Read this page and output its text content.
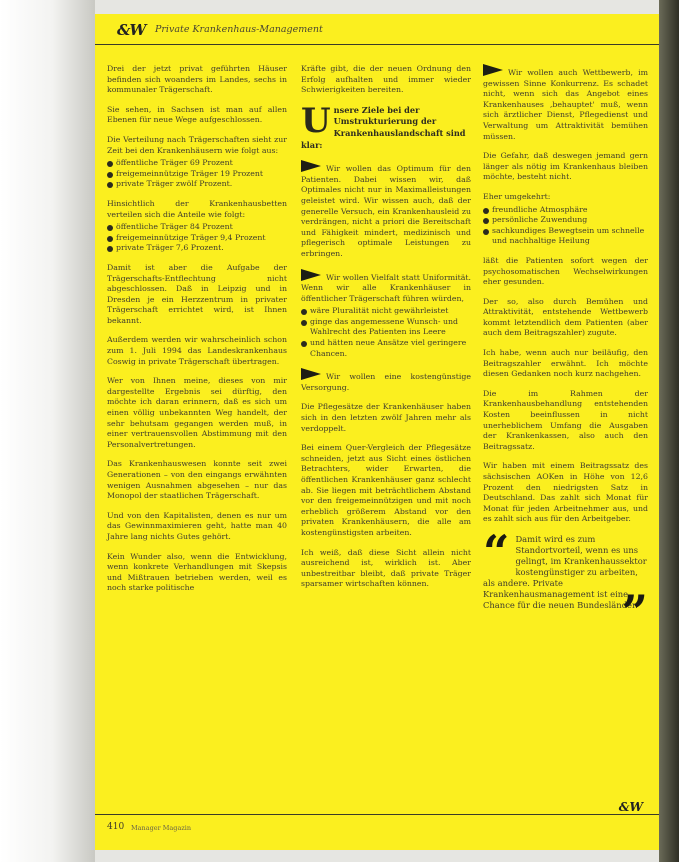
&W Private Krankenhaus-Management

Drei der jetzt privat geführten Häuser befinden sich woanders im Landes, sechs in kommunaler Trägerschaft.

Sie sehen, in Sachsen ist man auf allen Ebenen für neue Wege aufgeschlossen.

Die Verteilung nach Trägerschaften sieht zur Zeit bei den Krankenhäusern wie folgt aus:

öffentliche Träger 69 Prozent
freigemeinnützige Träger 19 Prozent
private Träger zwölf Prozent.

Hinsichtlich der Krankenhausbetten verteilen sich die Anteile wie folgt:

öffentliche Träger 84 Prozent
freigemeinnützige Träger 9,4 Prozent
private Träger 7,6 Prozent.

Damit ist aber die Aufgabe der Trägerschafts-Entflechtung nicht abgeschlossen. Daß in Leipzig und in Dresden je ein Herzzentrum in privater Trägerschaft errichtet wird, ist Ihnen bekannt.

Außerdem werden wir wahrscheinlich schon zum 1. Juli 1994 das Landeskrankenhaus Coswig in private Trägerschaft übertragen.

Wer von Ihnen meine, dieses von mir dargestellte Ergebnis sei dürftig, den möchte ich daran erinnern, daß es sich um einen völlig unbekannten Weg handelt, der sehr behutsam gegangen werden muß, in einer vertrauensvollen Abstimmung mit den Personalvertretungen.

Das Krankenhauswesen konnte seit zwei Generationen – von den eingangs erwähnten wenigen Ausnahmen abgesehen – nur das Monopol der staatlichen Trägerschaft.

Und von den Kapitalisten, denen es nur um das Gewinnmaximieren geht, hatte man 40 Jahre lang nichts Gutes gehört.

Kein Wunder also, wenn die Entwicklung, wenn konkrete Verhandlungen mit Skepsis und Mißtrauen betrieben werden, weil es noch starke politische

Kräfte gibt, die der neuen Ordnung den Erfolg aufhalten und immer wieder Schwierigkeiten bereiten.

U nsere Ziele bei der Umstrukturierung der Krankenhauslandschaft sind klar:

Wir wollen das Optimum für den Patienten. Dabei wissen wir, daß Optimales nicht nur in Maximalleistungen geleistet wird. Wir wissen auch, daß der generelle Versuch, ein Krankenhausleid zu verdrängen, nicht a priori die Bereitschaft und Fähigkeit mindert, medizinisch und pflegerisch optimale Leistungen zu erbringen.

Wir wollen Vielfalt statt Uniformität. Wenn wir alle Krankenhäuser in öffentlicher Trägerschaft führen würden,

wäre Pluralität nicht gewährleistet
ginge das angemessene Wunsch- und Wahlrecht des Patienten ins Leere
und hätten neue Ansätze viel geringere Chancen.

Wir wollen eine kostengünstige Versorgung.

Die Pflegesätze der Krankenhäuser haben sich in den letzten zwölf Jahren mehr als verdoppelt.

Bei einem Quer-Vergleich der Pflegesätze schneiden, jetzt aus Sicht eines östlichen Betrachters, wider Erwarten, die öffentlichen Krankenhäuser ganz schlecht ab. Sie liegen mit beträchtlichem Abstand vor den freigemeinnützigen und mit noch erheblich größerem Abstand vor den privaten Krankenhäusern, die alle am kostengünstigsten arbeiten.

Ich weiß, daß diese Sicht allein nicht ausreichend ist, wirklich ist. Aber unbestreitbar bleibt, daß private Träger sparsamer wirtschaften können.

Wir wollen auch Wettbewerb, im gewissen Sinne Konkurrenz. Es schadet nicht, wenn sich das Angebot eines Krankenhauses ‚behauptet' muß, wenn sich ärztlicher Dienst, Pflegedienst und Verwaltung um Attraktivität bemühen müssen.

Die Gefahr, daß deswegen jemand gern länger als nötig im Krankenhaus bleiben möchte, besteht nicht.

Eher umgekehrt:

freundliche Atmosphäre
persönliche Zuwendung
sachkundiges Bewegtsein um schnelle und nachhaltige Heilung

läßt die Patienten sofort wegen der psychosomatischen Wechselwirkungen eher gesunden.

Der so, also durch Bemühen und Attraktivität, entstehende Wettbewerb kommt letztendlich dem Patienten (aber auch dem Beitragszahler) zugute.

Ich habe, wenn auch nur beiläufig, den Beitragszahler erwähnt. Ich möchte diesen Gedanken noch kurz nachgehen.

Die im Rahmen der Krankenhausbehandlung entstehenden Kosten beeinflussen in nicht unerheblichem Umfang die Ausgaben der Krankenkassen, also auch den Beitragssatz.

Wir haben mit einem Beitragssatz des sächsischen AOKen in Höhe von 12,6 Prozent den niedrigsten Satz in Deutschland. Das zahlt sich Monat für Monat für jeden Arbeitnehmer aus, und es zahlt sich aus für den Arbeitgeber.

“ Damit wird es zum Standortvorteil, wenn es uns gelingt, im Krankenhaussektor kostengünstiger zu arbeiten, als andere. Private Krankenhausmanagement ist eine Chance für die neuen Bundesländer.
”
410 Manager Magazin
&W
